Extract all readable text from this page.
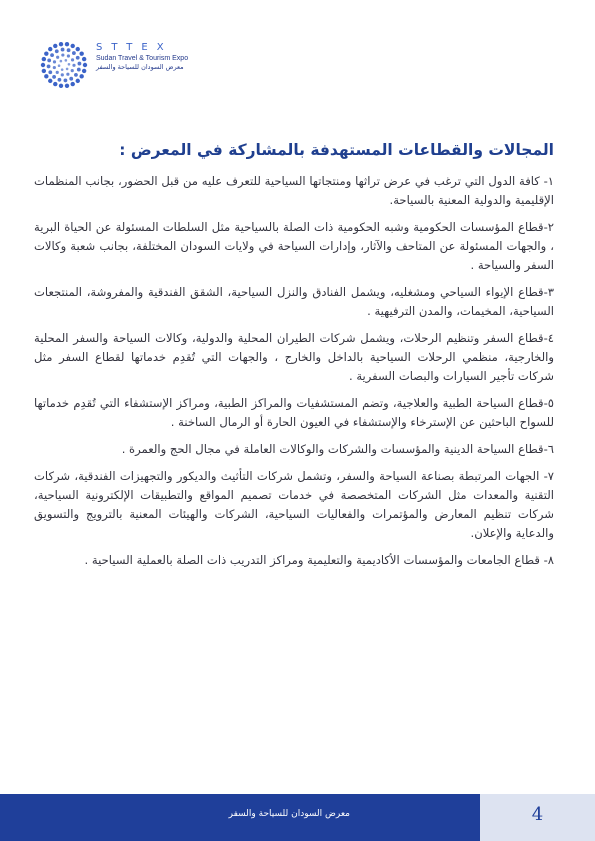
STTEX
Sudan Travel & Tourism Expo
معرض السودان للسياحة والسفر
المجالات والقطاعات المستهدفة بالمشاركة في المعرض :

١- كافة الدول التي ترغب في عرض تراثها ومنتجاتها السياحية للتعرف عليه من قبل الحضور، بجانب المنظمات الإقليمية والدولية المعنية بالسياحة.

٢-قطاع المؤسسات الحكومية وشبه الحكومية ذات الصلة بالسياحية مثل السلطات المسئولة عن الحياة البرية ، والجهات المسئولة عن المتاحف والآثار، وإدارات السياحة في ولايات السودان المختلفة، بجانب شعبة وكالات السفر والسياحة .

٣-قطاع الإيواء السياحي ومشغليه، ويشمل الفنادق والنزل السياحية، الشقق الفندقية والمفروشة، المنتجعات السياحية، المخيمات، والمدن الترفيهية .

٤-قطاع السفر وتنظيم الرحلات، ويشمل شركات الطيران المحلية والدولية، وكالات السياحة والسفر المحلية والخارجية، منظمي الرحلات السياحية بالداخل والخارج ، والجهات التي تُقدِم خدماتها لقطاع السفر مثل شركات تأجير السيارات والبصات السفرية .

٥-قطاع السياحة الطبية والعلاجية، وتضم المستشفيات والمراكز الطبية، ومراكز الإستشفاء التي تُقدِم خدماتها للسواح الباحثين عن الإسترخاء والإستشفاء في العيون الحارة أو الرمال الساخنة .

٦-قطاع السياحة الدينية والمؤسسات والشركات والوكالات العاملة في مجال الحج والعمرة .

٧- الجهات المرتبطة بصناعة السياحة والسفر، وتشمل شركات التأثيث والديكور والتجهيزات الفندقية، شركات التقنية والمعدات مثل الشركات المتخصصة في خدمات تصميم المواقع والتطبيقات الإلكترونية السياحية، شركات تنظيم المعارض والمؤتمرات والفعاليات السياحية، الشركات والهيئات المعنية بالترويج والتسويق والدعاية والإعلان.

٨- قطاع الجامعات والمؤسسات الأكاديمية والتعليمية ومراكز التدريب ذات الصلة بالعملية السياحية .

معرض السودان للسياحة والسفر	4
